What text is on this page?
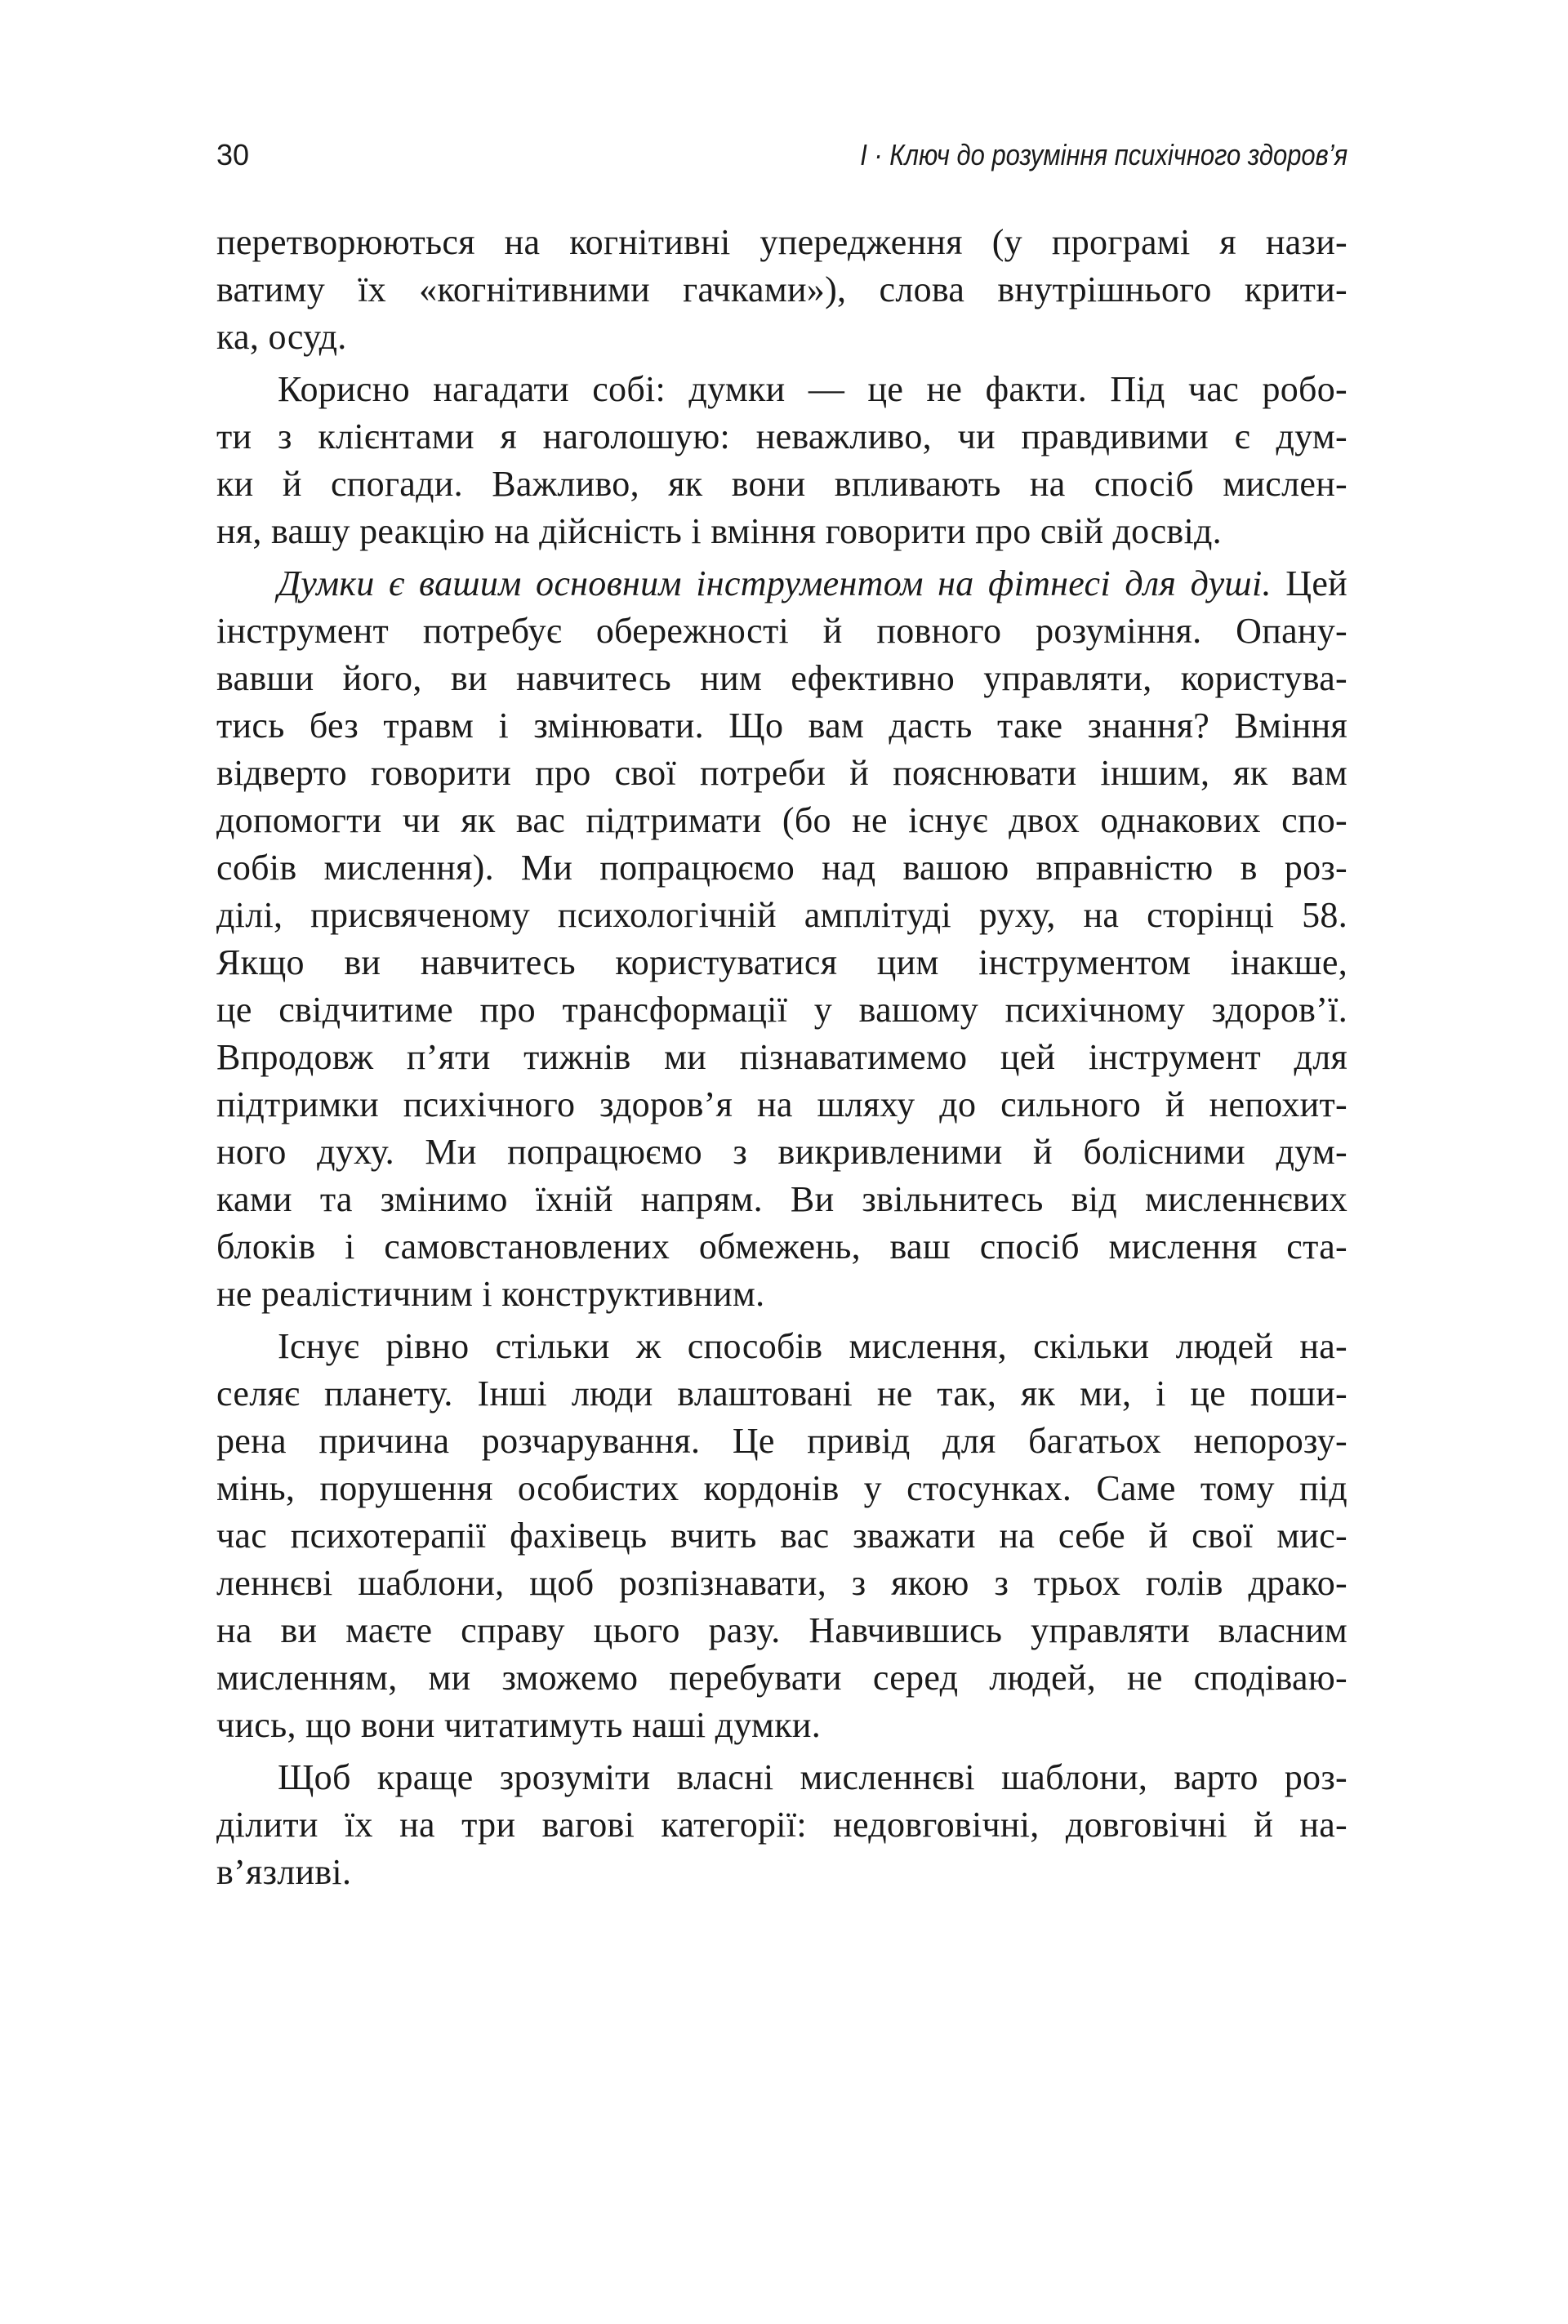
30	І · Ключ до розуміння психічного здоров’я
перетворюються на когнітивні упередження (у програмі я нази-
ватиму їх «когнітивними гачками»), слова внутрішнього крити-
ка, осуд.
Корисно нагадати собі: думки — це не факти. Під час робо-
ти з клієнтами я наголошую: неважливо, чи правдивими є дум-
ки й спогади. Важливо, як вони впливають на спосіб мислен-
ня, вашу реакцію на дійсність і вміння говорити про свій досвід.
Думки є вашим основним інструментом на фітнесі для душі. Цей
інструмент потребує обережності й повного розуміння. Опану-
вавши його, ви навчитесь ним ефективно управляти, користува-
тись без травм і змінювати. Що вам дасть таке знання? Вміння
відверто говорити про свої потреби й пояснювати іншим, як вам
допомогти чи як вас підтримати (бо не існує двох однакових спо-
собів мислення). Ми попрацюємо над вашою вправністю в роз-
ділі, присвяченому психологічній амплітуді руху, на сторінці 58.
Якщо ви навчитесь користуватися цим інструментом інакше,
це свідчитиме про трансформації у вашому психічному здоров’ї.
Впродовж п’яти тижнів ми пізнаватимемо цей інструмент для
підтримки психічного здоров’я на шляху до сильного й непохит-
ного духу. Ми попрацюємо з викривленими й болісними дум-
ками та змінимо їхній напрям. Ви звільнитесь від мисленнєвих
блоків і самовстановлених обмежень, ваш спосіб мислення ста-
не реалістичним і конструктивним.
Існує рівно стільки ж способів мислення, скільки людей на-
селяє планету. Інші люди влаштовані не так, як ми, і це поши-
рена причина розчарування. Це привід для багатьох непорозу-
мінь, порушення особистих кордонів у стосунках. Саме тому під
час психотерапії фахівець вчить вас зважати на себе й свої мис-
леннєві шаблони, щоб розпізнавати, з якою з трьох голів драко-
на ви маєте справу цього разу. Навчившись управляти власним
мисленням, ми зможемо перебувати серед людей, не сподіваю-
чись, що вони читатимуть наші думки.
Щоб краще зрозуміти власні мисленнєві шаблони, варто роз-
ділити їх на три вагові категорії: недовговічні, довговічні й на-
в’язливі.
